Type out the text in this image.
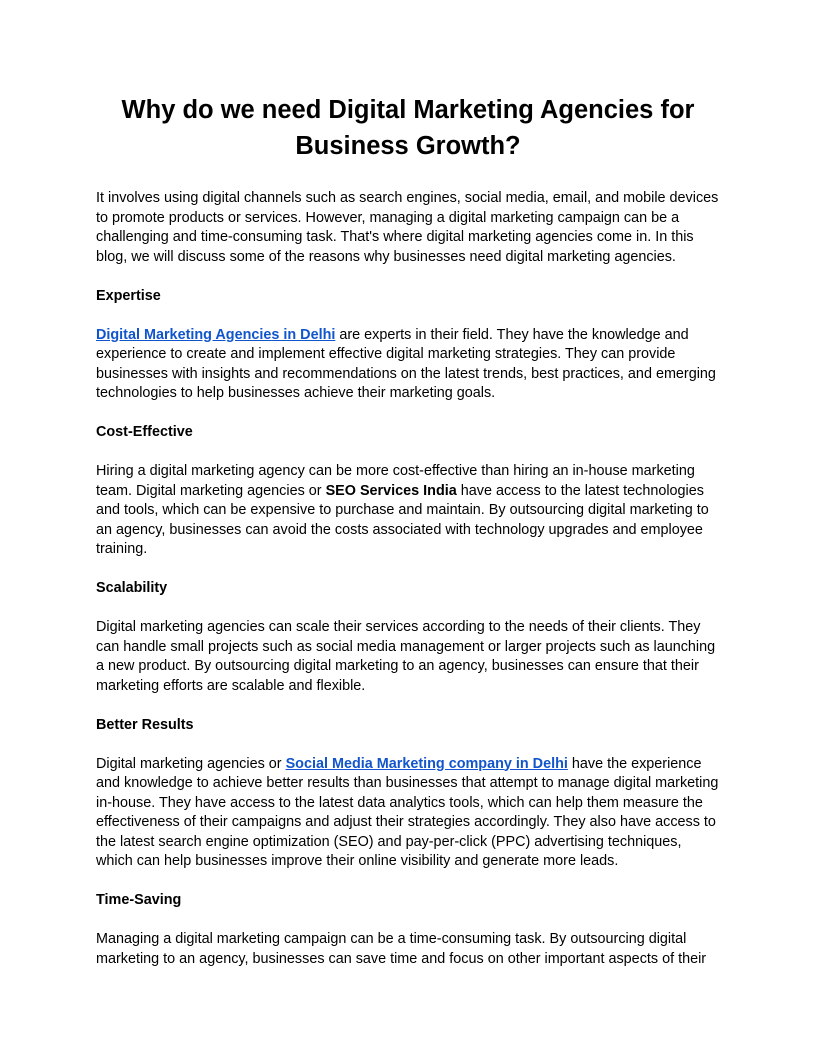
Why do we need Digital Marketing Agencies for Business Growth?

It involves using digital channels such as search engines, social media, email, and mobile devices to promote products or services. However, managing a digital marketing campaign can be a challenging and time-consuming task. That's where digital marketing agencies come in. In this blog, we will discuss some of the reasons why businesses need digital marketing agencies.

Expertise

Digital Marketing Agencies in Delhi are experts in their field. They have the knowledge and experience to create and implement effective digital marketing strategies. They can provide businesses with insights and recommendations on the latest trends, best practices, and emerging technologies to help businesses achieve their marketing goals.

Cost-Effective

Hiring a digital marketing agency can be more cost-effective than hiring an in-house marketing team. Digital marketing agencies or SEO Services India have access to the latest technologies and tools, which can be expensive to purchase and maintain. By outsourcing digital marketing to an agency, businesses can avoid the costs associated with technology upgrades and employee training.

Scalability

Digital marketing agencies can scale their services according to the needs of their clients. They can handle small projects such as social media management or larger projects such as launching a new product. By outsourcing digital marketing to an agency, businesses can ensure that their marketing efforts are scalable and flexible.

Better Results

Digital marketing agencies or Social Media Marketing company in Delhi have the experience and knowledge to achieve better results than businesses that attempt to manage digital marketing in-house. They have access to the latest data analytics tools, which can help them measure the effectiveness of their campaigns and adjust their strategies accordingly. They also have access to the latest search engine optimization (SEO) and pay-per-click (PPC) advertising techniques, which can help businesses improve their online visibility and generate more leads.

Time-Saving

Managing a digital marketing campaign can be a time-consuming task. By outsourcing digital marketing to an agency, businesses can save time and focus on other important aspects of their
